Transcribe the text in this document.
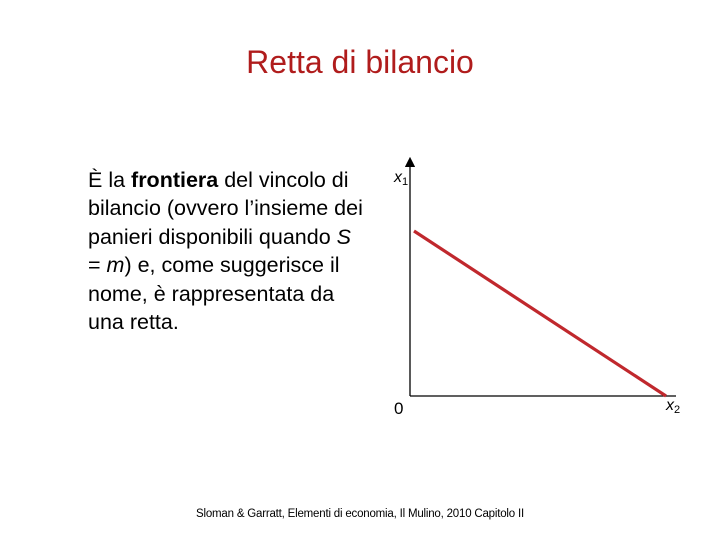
Retta di bilancio
È la frontiera del vincolo di bilancio (ovvero l’insieme dei panieri disponibili quando S = m) e, come suggerisce il nome, è rappresentata da una retta.
$x_1$
$x_2$
0
Sloman & Garratt, Elementi di economia, Il Mulino, 2010 Capitolo II
